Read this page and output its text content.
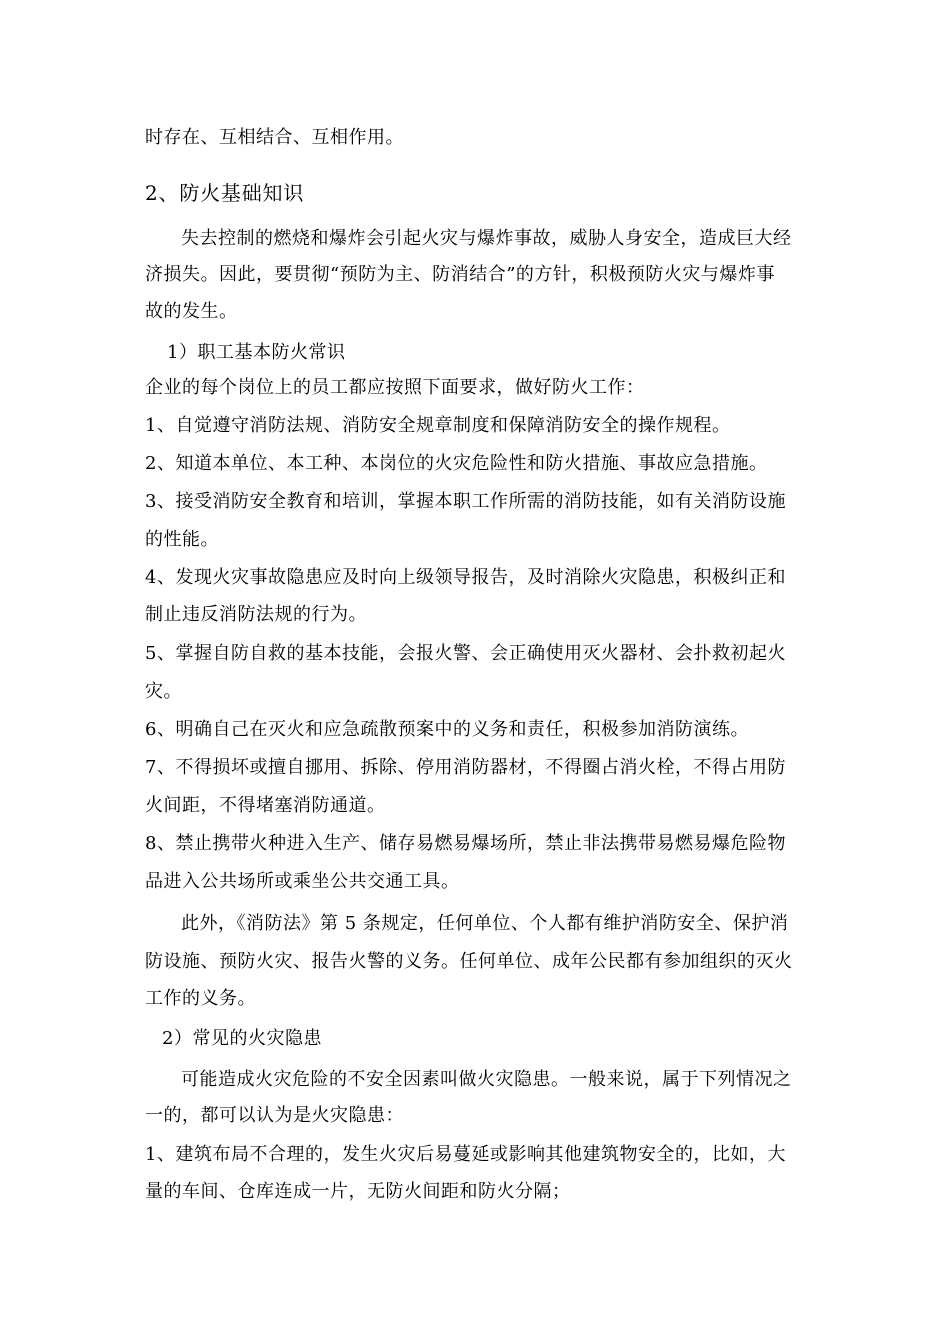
时存在、互相结合、互相作用。
2、防火基础知识
失去控制的燃烧和爆炸会引起火灾与爆炸事故，威胁人身安全，造成巨大经
济损失。因此，要贯彻“预防为主、防消结合”的方针，积极预防火灾与爆炸事
故的发生。
1）职工基本防火常识
企业的每个岗位上的员工都应按照下面要求，做好防火工作：
1、自觉遵守消防法规、消防安全规章制度和保障消防安全的操作规程。
2、知道本单位、本工种、本岗位的火灾危险性和防火措施、事故应急措施。
3、接受消防安全教育和培训，掌握本职工作所需的消防技能，如有关消防设施
的性能。
4、发现火灾事故隐患应及时向上级领导报告，及时消除火灾隐患，积极纠正和
制止违反消防法规的行为。
5、掌握自防自救的基本技能，会报火警、会正确使用灭火器材、会扑救初起火
灾。
6、明确自己在灭火和应急疏散预案中的义务和责任，积极参加消防演练。
7、不得损坏或擅自挪用、拆除、停用消防器材，不得圈占消火栓，不得占用防
火间距，不得堵塞消防通道。
8、禁止携带火种进入生产、储存易燃易爆场所，禁止非法携带易燃易爆危险物
品进入公共场所或乘坐公共交通工具。
此外，《消防法》第 5 条规定，任何单位、个人都有维护消防安全、保护消
防设施、预防火灾、报告火警的义务。任何单位、成年公民都有参加组织的灭火
工作的义务。
2）常见的火灾隐患
可能造成火灾危险的不安全因素叫做火灾隐患。一般来说，属于下列情况之
一的，都可以认为是火灾隐患：
1、建筑布局不合理的，发生火灾后易蔓延或影响其他建筑物安全的，比如，大
量的车间、仓库连成一片，无防火间距和防火分隔；
